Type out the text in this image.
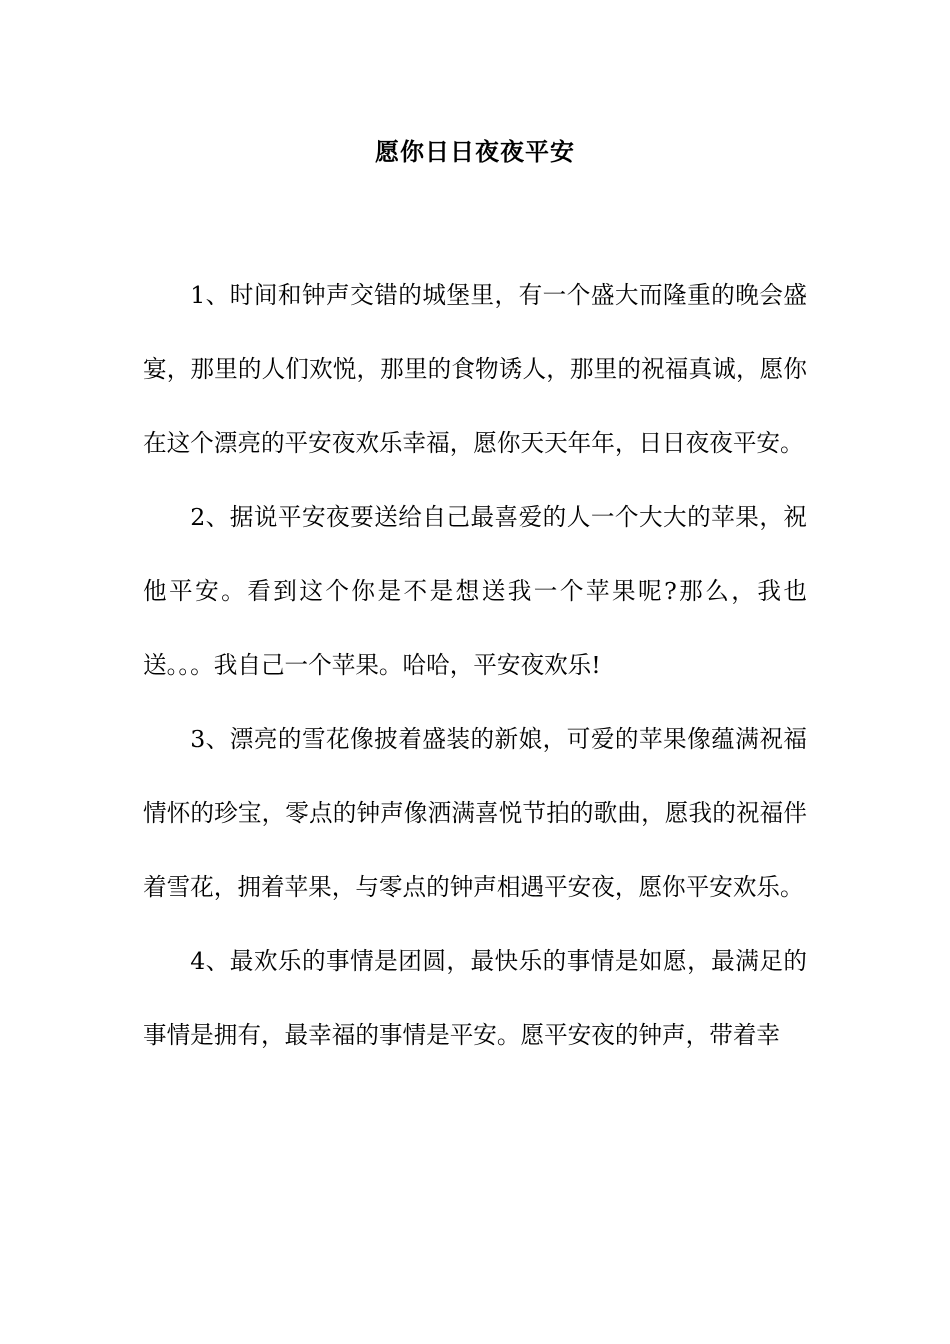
愿你日日夜夜平安

1、时间和钟声交错的城堡里，有一个盛大而隆重的晚会盛宴，那里的人们欢悦，那里的食物诱人，那里的祝福真诚，愿你在这个漂亮的平安夜欢乐幸福，愿你天天年年，日日夜夜平安。

2、据说平安夜要送给自己最喜爱的人一个大大的苹果，祝他平安。看到这个你是不是想送我一个苹果呢?那么，我也送。。。我自己一个苹果。哈哈，平安夜欢乐!

3、漂亮的雪花像披着盛装的新娘，可爱的苹果像蕴满祝福情怀的珍宝，零点的钟声像洒满喜悦节拍的歌曲，愿我的祝福伴着雪花，拥着苹果，与零点的钟声相遇平安夜，愿你平安欢乐。

4、最欢乐的事情是团圆，最快乐的事情是如愿，最满足的事情是拥有，最幸福的事情是平安。愿平安夜的钟声，带着幸
